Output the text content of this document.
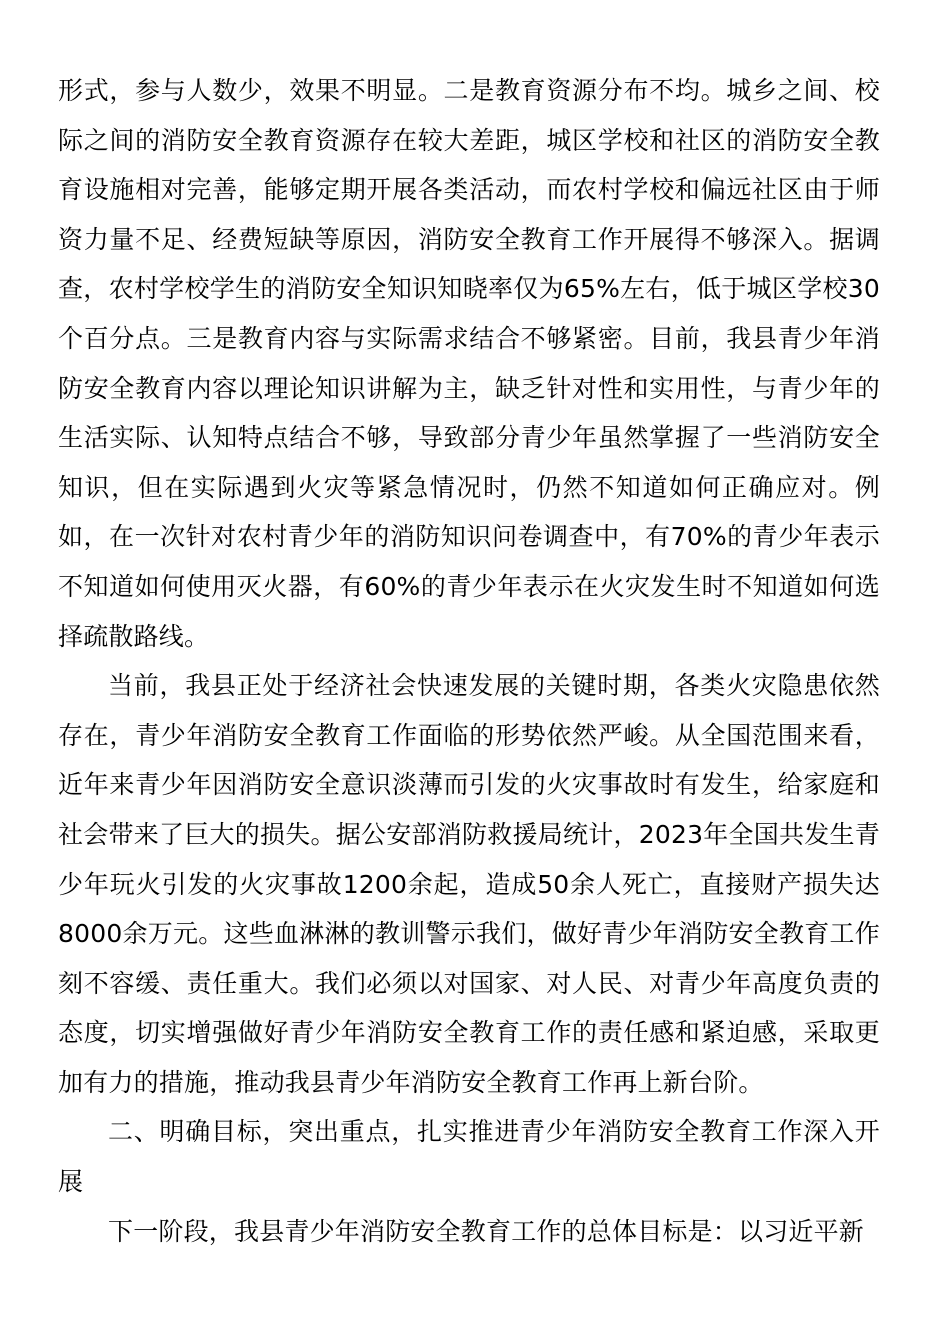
形式，参与人数少，效果不明显。二是教育资源分布不均。城乡之间、校际之间的消防安全教育资源存在较大差距，城区学校和社区的消防安全教育设施相对完善，能够定期开展各类活动，而农村学校和偏远社区由于师资力量不足、经费短缺等原因，消防安全教育工作开展得不够深入。据调查，农村学校学生的消防安全知识知晓率仅为65%左右，低于城区学校30个百分点。三是教育内容与实际需求结合不够紧密。目前，我县青少年消防安全教育内容以理论知识讲解为主，缺乏针对性和实用性，与青少年的生活实际、认知特点结合不够，导致部分青少年虽然掌握了一些消防安全知识，但在实际遇到火灾等紧急情况时，仍然不知道如何正确应对。例如，在一次针对农村青少年的消防知识问卷调查中，有70%的青少年表示不知道如何使用灭火器，有60%的青少年表示在火灾发生时不知道如何选择疏散路线。

当前，我县正处于经济社会快速发展的关键时期，各类火灾隐患依然存在，青少年消防安全教育工作面临的形势依然严峻。从全国范围来看，近年来青少年因消防安全意识淡薄而引发的火灾事故时有发生，给家庭和社会带来了巨大的损失。据公安部消防救援局统计，2023年全国共发生青少年玩火引发的火灾事故1200余起，造成50余人死亡，直接财产损失达8000余万元。这些血淋淋的教训警示我们，做好青少年消防安全教育工作刻不容缓、责任重大。我们必须以对国家、对人民、对青少年高度负责的态度，切实增强做好青少年消防安全教育工作的责任感和紧迫感，采取更加有力的措施，推动我县青少年消防安全教育工作再上新台阶。

二、明确目标，突出重点，扎实推进青少年消防安全教育工作深入开展

下一阶段，我县青少年消防安全教育工作的总体目标是：以习近平新
